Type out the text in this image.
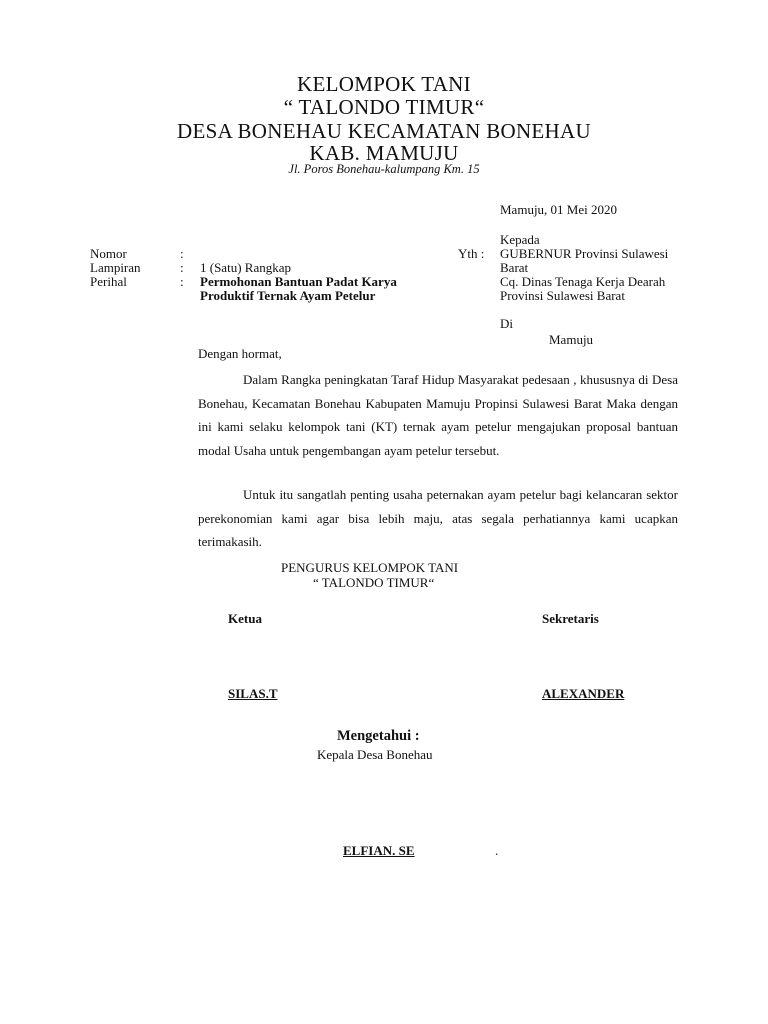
KELOMPOK TANI
“ TALONDO TIMUR“
DESA BONEHAU KECAMATAN BONEHAU
KAB. MAMUJU
Jl. Poros Bonehau-kalumpang Km. 15
Mamuju, 01 Mei 2020
Nomor	:
Lampiran	: 1 (Satu) Rangkap
Perihal	: Permohonan Bantuan Padat Karya
Produktif Ternak Ayam Petelur
Kepada
Yth : GUBERNUR Provinsi Sulawesi
Barat
Cq. Dinas Tenaga Kerja Dearah
Provinsi Sulawesi Barat
Di
Mamuju
Dengan hormat,
Dalam Rangka peningkatan Taraf Hidup Masyarakat pedesaan , khususnya di Desa Bonehau, Kecamatan Bonehau Kabupaten Mamuju Propinsi Sulawesi Barat Maka dengan ini kami selaku kelompok tani (KT) ternak ayam petelur mengajukan proposal bantuan modal Usaha untuk pengembangan ayam petelur tersebut.
Untuk itu sangatlah penting usaha peternakan ayam petelur bagi kelancaran sektor perekonomian kami agar bisa lebih maju, atas segala perhatiannya kami ucapkan terimakasih.
PENGURUS KELOMPOK TANI
“ TALONDO TIMUR“
Ketua	Sekretaris
SILAS.T	ALEXANDER
Mengetahui :
Kepala Desa Bonehau
ELFIAN. SE	.
